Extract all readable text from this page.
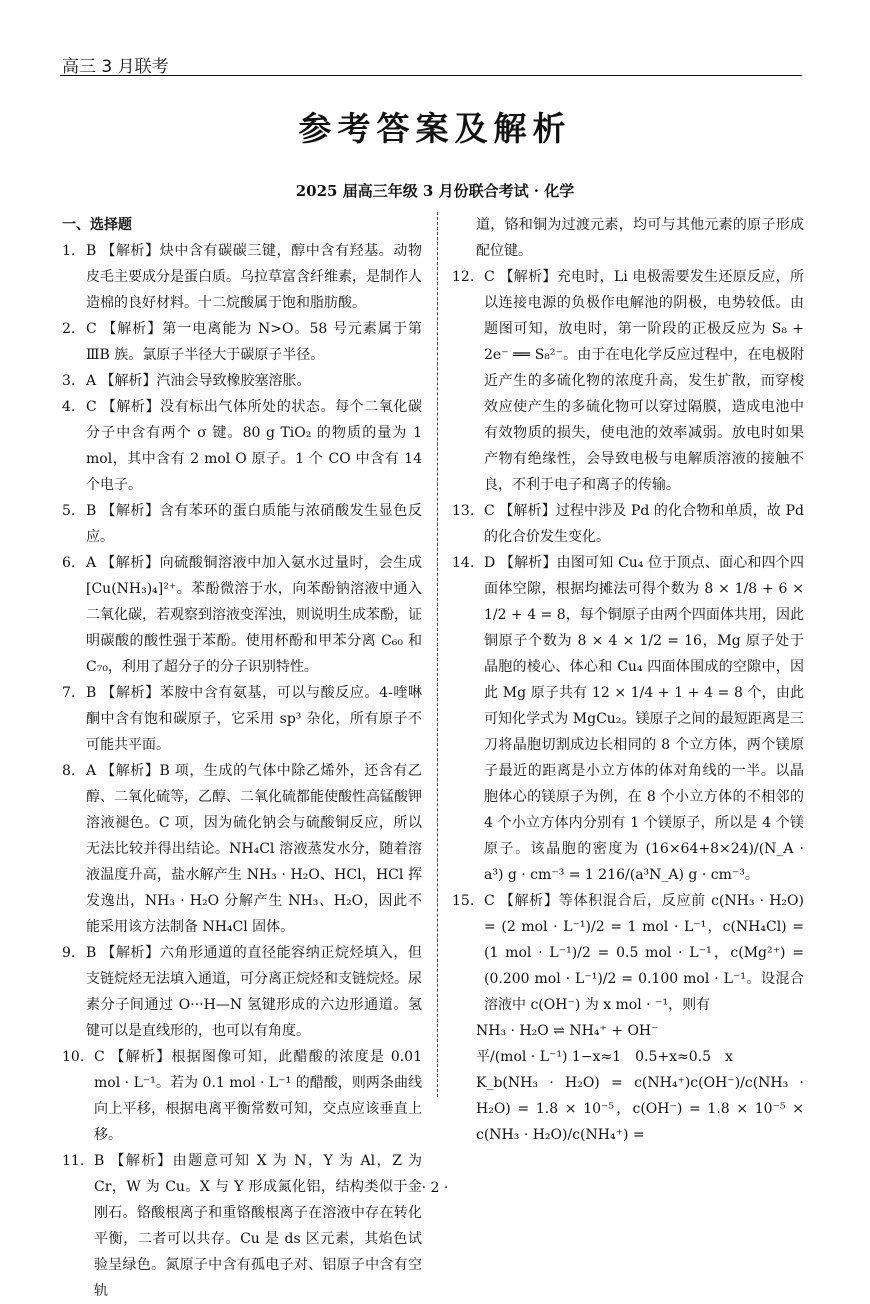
高三 3 月联考
参考答案及解析
2025 届高三年级 3 月份联合考试 · 化学
一、选择题
1. B 【解析】炔中含有碳碳三键，醇中含有羟基。动物皮毛主要成分是蛋白质。乌拉草富含纤维素，是制作人造棉的良好材料。十二烷酸属于饱和脂肪酸。
2. C 【解析】第一电离能为 N>O。58 号元素属于第ⅢB 族。氯原子半径大于碳原子半径。
3. A 【解析】汽油会导致橡胶塞溶胀。
4. C 【解析】没有标出气体所处的状态。每个二氧化碳分子中含有两个 σ 键。80 g TiO₂ 的物质的量为 1 mol，其中含有 2 mol O 原子。1 个 CO 中含有 14 个电子。
5. B 【解析】含有苯环的蛋白质能与浓硝酸发生显色反应。
6. A 【解析】向硫酸铜溶液中加入氨水过量时，会生成[Cu(NH₃)₄]²⁺。苯酚微溶于水，向苯酚钠溶液中通入二氧化碳，若观察到溶液变浑浊，则说明生成苯酚，证明碳酸的酸性强于苯酚。使用杯酚和甲苯分离 C₆₀ 和 C₇₀，利用了超分子的分子识别特性。
7. B 【解析】苯胺中含有氨基，可以与酸反应。4-喹啉酮中含有饱和碳原子，它采用 sp³ 杂化，所有原子不可能共平面。
8. A 【解析】B 项，生成的气体中除乙烯外，还含有乙醇、二氧化硫等，乙醇、二氧化硫都能使酸性高锰酸钾溶液褪色。C 项，因为硫化钠会与硫酸铜反应，所以无法比较并得出结论。NH₄Cl 溶液蒸发水分，随着溶液温度升高，盐水解产生 NH₃ · H₂O、HCl，HCl 挥发逸出，NH₃ · H₂O 分解产生 NH₃、H₂O，因此不能采用该方法制备 NH₄Cl 固体。
9. B 【解析】六角形通道的直径能容纳正烷烃填入，但支链烷烃无法填入通道，可分离正烷烃和支链烷烃。尿素分子间通过 O···H—N 氢键形成的六边形通道。氢键可以是直线形的，也可以有角度。
10. C 【解析】根据图像可知，此醋酸的浓度是 0.01 mol · L⁻¹。若为 0.1 mol · L⁻¹ 的醋酸，则两条曲线向上平移，根据电离平衡常数可知，交点应该垂直上移。
11. B 【解析】由题意可知 X 为 N，Y 为 Al，Z 为 Cr，W 为 Cu。X 与 Y 形成氮化铝，结构类似于金刚石。铬酸根离子和重铬酸根离子在溶液中存在转化平衡，二者可以共存。Cu 是 ds 区元素，其焰色试验呈绿色。氮原子中含有孤电子对、铝原子中含有空轨
道，铬和铜为过渡元素，均可与其他元素的原子形成配位键。
12. C 【解析】充电时，Li 电极需要发生还原反应，所以连接电源的负极作电解池的阴极，电势较低。由题图可知，放电时，第一阶段的正极反应为 S₈ + 2e⁻ ══ S₈²⁻。由于在电化学反应过程中，在电极附近产生的多硫化物的浓度升高，发生扩散，而穿梭效应使产生的多硫化物可以穿过隔膜，造成电池中有效物质的损失，使电池的效率减弱。放电时如果产物有绝缘性，会导致电极与电解质溶液的接触不良，不利于电子和离子的传输。
13. C 【解析】过程中涉及 Pd 的化合物和单质，故 Pd 的化合价发生变化。
14. D 【解析】由图可知 Cu₄ 位于顶点、面心和四个四面体空隙，根据均摊法可得个数为 8 × 1/8 + 6 × 1/2 + 4 = 8，每个铜原子由两个四面体共用，因此铜原子个数为 8 × 4 × 1/2 = 16，Mg 原子处于晶胞的棱心、体心和 Cu₄ 四面体围成的空隙中，因此 Mg 原子共有 12 × 1/4 + 1 + 4 = 8 个，由此可知化学式为 MgCu₂。镁原子之间的最短距离是三刀将晶胞切割成边长相同的 8 个立方体，两个镁原子最近的距离是小立方体的体对角线的一半。以晶胞体心的镁原子为例，在 8 个小立方体的不相邻的 4 个小立方体内分别有 1 个镁原子，所以是 4 个镁原子。该晶胞的密度为 (16×64+8×24)/(N_A · a³) g · cm⁻³ = 1 216/(a³N_A) g · cm⁻³。
15. C 【解析】等体积混合后，反应前 c(NH₃ · H₂O) = (2 mol · L⁻¹)/2 = 1 mol · L⁻¹，c(NH₄Cl) = (1 mol · L⁻¹)/2 = 0.5 mol · L⁻¹，c(Mg²⁺) = (0.200 mol · L⁻¹)/2 = 0.100 mol · L⁻¹。设混合溶液中 c(OH⁻) 为 x mol · ⁻¹，则有
NH₃ · H₂O ⇌ NH₄⁺ + OH⁻
平/(mol · L⁻¹) 1−x≈1　0.5+x≈0.5　x
K_b(NH₃ · H₂O) = c(NH₄⁺)c(OH⁻)/c(NH₃ · H₂O) = 1.8 × 10⁻⁵，c(OH⁻) = 1.8 × 10⁻⁵ × c(NH₃ · H₂O)/c(NH₄⁺) =
· 2 ·
